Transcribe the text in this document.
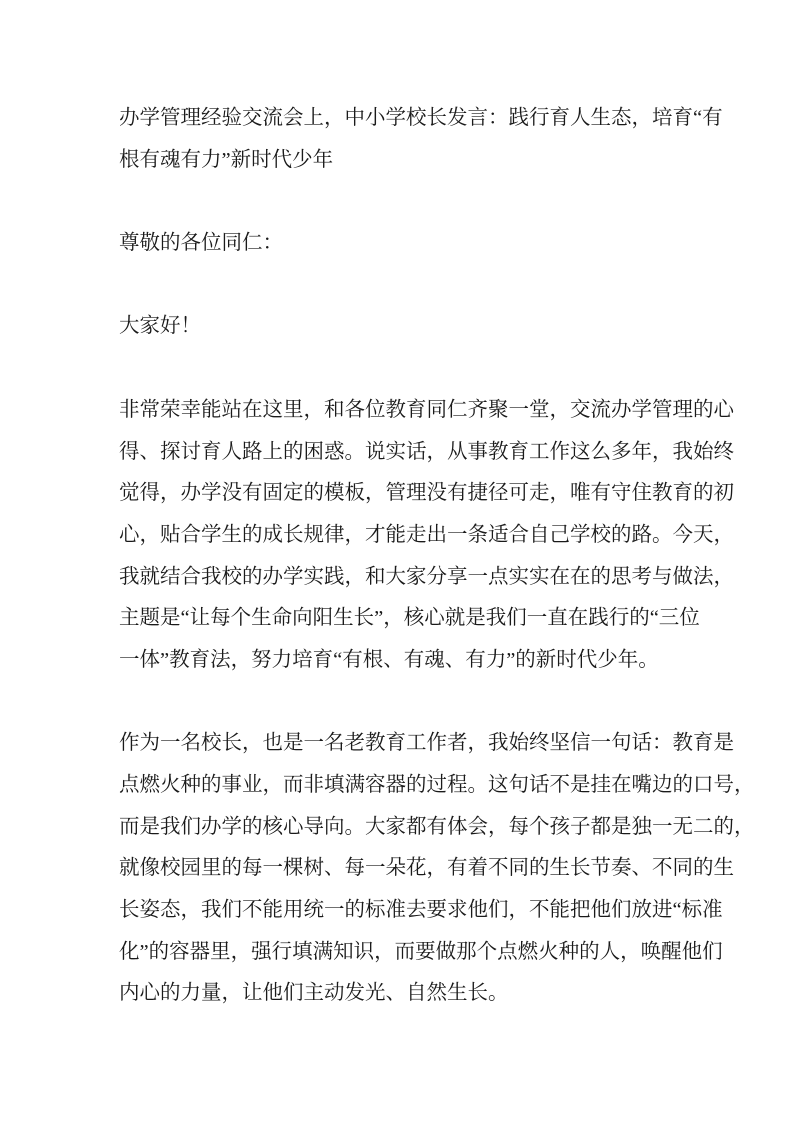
办学管理经验交流会上，中小学校长发言：践行育人生态，培育“有
根有魂有力”新时代少年
尊敬的各位同仁：
大家好！
非常荣幸能站在这里，和各位教育同仁齐聚一堂，交流办学管理的心
得、探讨育人路上的困惑。说实话，从事教育工作这么多年，我始终
觉得，办学没有固定的模板，管理没有捷径可走，唯有守住教育的初
心，贴合学生的成长规律，才能走出一条适合自己学校的路。今天，
我就结合我校的办学实践，和大家分享一点实实在在的思考与做法，
主题是“让每个生命向阳生长”，核心就是我们一直在践行的“三位
一体”教育法，努力培育“有根、有魂、有力”的新时代少年。
作为一名校长，也是一名老教育工作者，我始终坚信一句话：教育是
点燃火种的事业，而非填满容器的过程。这句话不是挂在嘴边的口号，
而是我们办学的核心导向。大家都有体会，每个孩子都是独一无二的，
就像校园里的每一棵树、每一朵花，有着不同的生长节奏、不同的生
长姿态，我们不能用统一的标准去要求他们，不能把他们放进“标准
化”的容器里，强行填满知识，而要做那个点燃火种的人，唤醒他们
内心的力量，让他们主动发光、自然生长。
